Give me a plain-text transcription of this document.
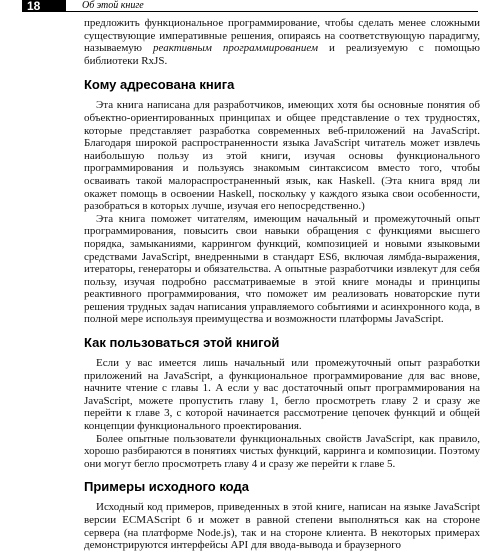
18	Об этой книге

предложить функциональное программирование, чтобы сделать менее сложными существующие императивные решения, опираясь на соответствующую парадигму, называемую реактивным программированием и реализуемую с помощью библиотеки RxJS.

Кому адресована книга

Эта книга написана для разработчиков, имеющих хотя бы основные понятия об объектно-ориентированных принципах и общее представление о тех трудностях, которые представляет разработка современных веб-приложений на JavaScript. Благодаря широкой распространенности языка JavaScript читатель может извлечь наибольшую пользу из этой книги, изучая основы функционального программирования и пользуясь знакомым синтаксисом вместо того, чтобы осваивать такой малораспространенный язык, как Haskell. (Эта книга вряд ли окажет помощь в освоении Haskell, поскольку у каждого языка свои особенности, разобраться в которых лучше, изучая его непосредственно.)

Эта книга поможет читателям, имеющим начальный и промежуточный опыт программирования, повысить свои навыки обращения с функциями высшего порядка, замыканиями, каррингом функций, композицией и новыми языковыми средствами JavaScript, внедренными в стандарт ES6, включая лямбда-выражения, итераторы, генераторы и обязательства. А опытные разработчики извлекут для себя пользу, изучая подробно рассматриваемые в этой книге монады и принципы реактивного программирования, что поможет им реализовать новаторские пути решения трудных задач написания управляемого событиями и асинхронного кода, в полной мере используя преимущества и возможности платформы JavaScript.

Как пользоваться этой книгой

Если у вас имеется лишь начальный или промежуточный опыт разработки приложений на JavaScript, а функциональное программирование для вас внове, начните чтение с главы 1. А если у вас достаточный опыт программирования на JavaScript, можете пропустить главу 1, бегло просмотреть главу 2 и сразу же перейти к главе 3, с которой начинается рассмотрение цепочек функций и общей концепции функционального проектирования.

Более опытные пользователи функциональных свойств JavaScript, как правило, хорошо разбираются в понятиях чистых функций, карринга и композиции. Поэтому они могут бегло просмотреть главу 4 и сразу же перейти к главе 5.

Примеры исходного кода

Исходный код примеров, приведенных в этой книге, написан на языке JavaScript версии ECMAScript 6 и может в равной степени выполняться как на стороне сервера (на платформе Node.js), так и на стороне клиента. В некоторых примерах демонстрируются интерфейсы API для ввода-вывода и браузерного
